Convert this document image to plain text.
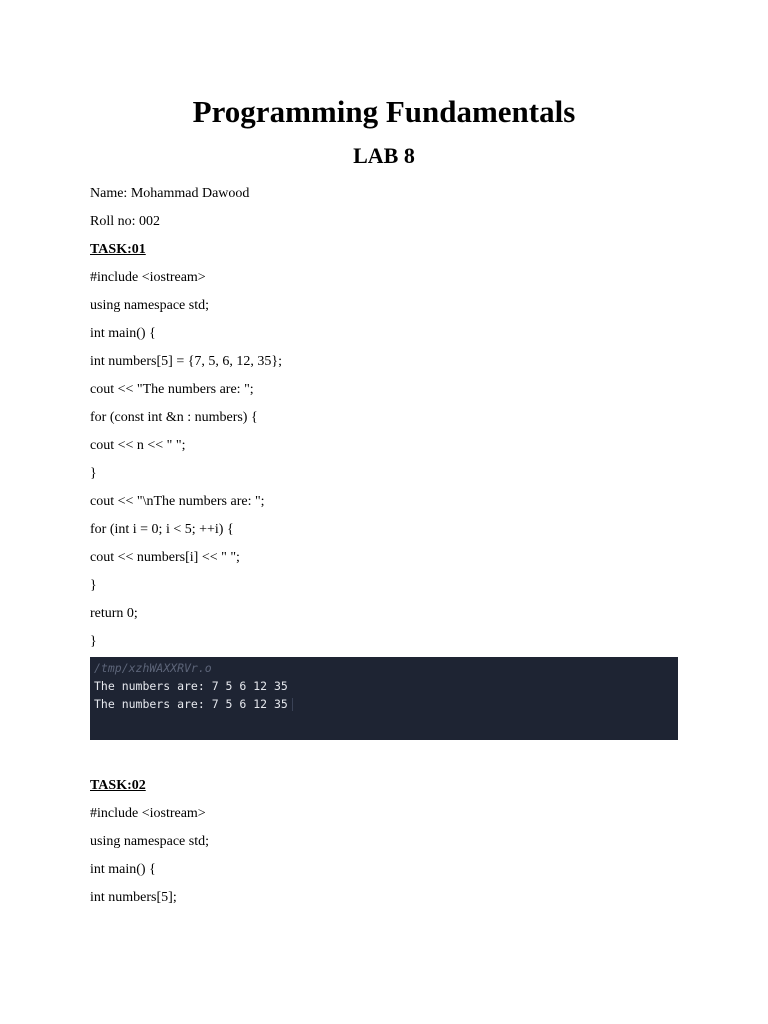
Programming Fundamentals
LAB 8
Name: Mohammad Dawood
Roll no: 002
TASK:01
#include <iostream>
using namespace std;
int main() {
int numbers[5] = {7, 5, 6, 12, 35};
cout << "The numbers are: ";
for (const int &n : numbers) {
cout << n << " ";
}
cout << "\nThe numbers are: ";
for (int i = 0; i < 5; ++i) {
cout << numbers[i] << " ";
}
return 0;
}
/tmp/xzhWAXXRVr.o
The numbers are: 7 5 6 12 35
The numbers are: 7 5 6 12 35
TASK:02
#include <iostream>
using namespace std;
int main() {
int numbers[5];
